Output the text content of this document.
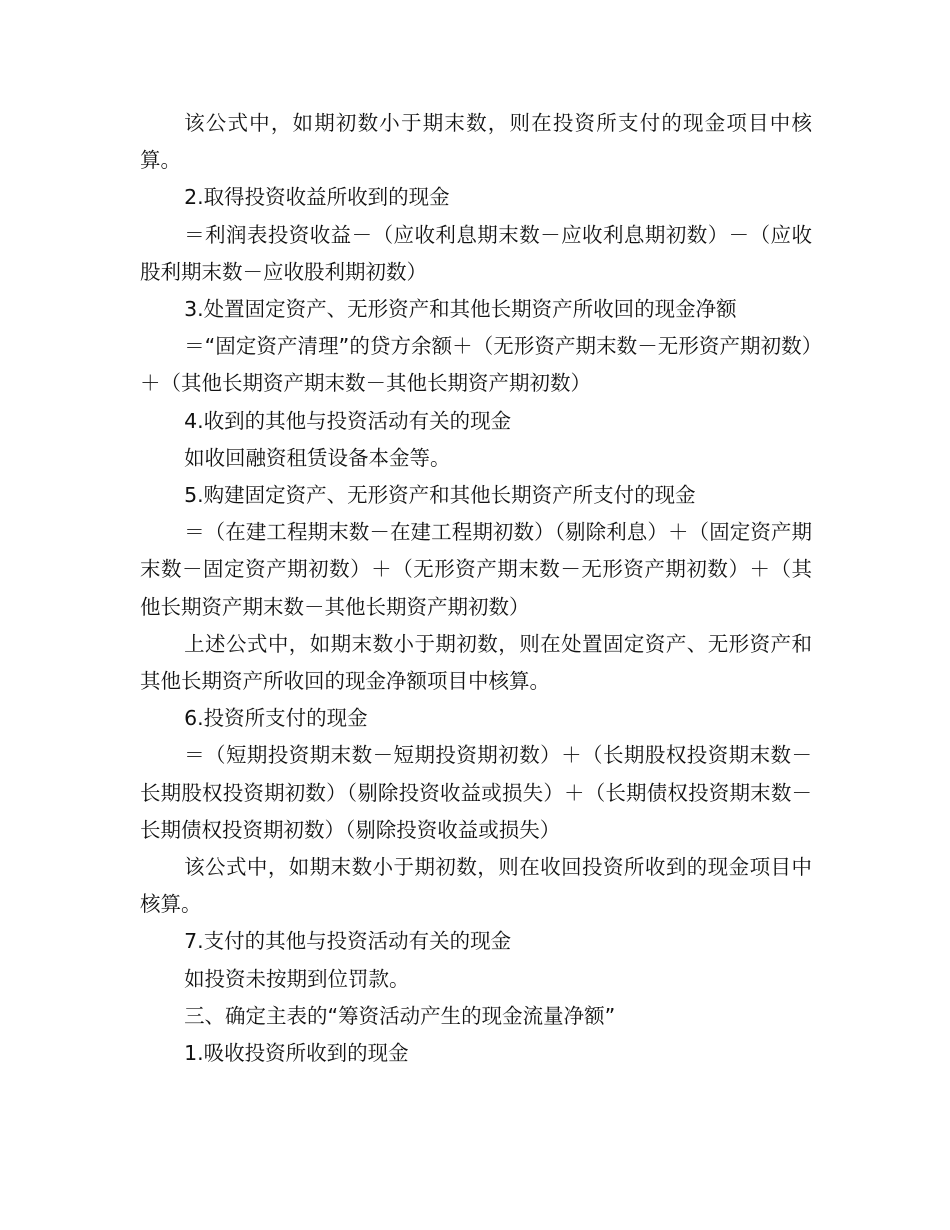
该公式中，如期初数小于期末数，则在投资所支付的现金项目中核算。

2.取得投资收益所收到的现金

＝利润表投资收益－（应收利息期末数－应收利息期初数）－（应收股利期末数－应收股利期初数）

3.处置固定资产、无形资产和其他长期资产所收回的现金净额

＝“固定资产清理”的贷方余额＋（无形资产期末数－无形资产期初数）＋（其他长期资产期末数－其他长期资产期初数）

4.收到的其他与投资活动有关的现金

如收回融资租赁设备本金等。

5.购建固定资产、无形资产和其他长期资产所支付的现金

＝（在建工程期末数－在建工程期初数）（剔除利息）＋（固定资产期末数－固定资产期初数）＋（无形资产期末数－无形资产期初数）＋（其他长期资产期末数－其他长期资产期初数）

上述公式中，如期末数小于期初数，则在处置固定资产、无形资产和其他长期资产所收回的现金净额项目中核算。

6.投资所支付的现金

＝（短期投资期末数－短期投资期初数）＋（长期股权投资期末数－长期股权投资期初数）（剔除投资收益或损失）＋（长期债权投资期末数－长期债权投资期初数）（剔除投资收益或损失）

该公式中，如期末数小于期初数，则在收回投资所收到的现金项目中核算。

7.支付的其他与投资活动有关的现金

如投资未按期到位罚款。

三、确定主表的“筹资活动产生的现金流量净额”

1.吸收投资所收到的现金
